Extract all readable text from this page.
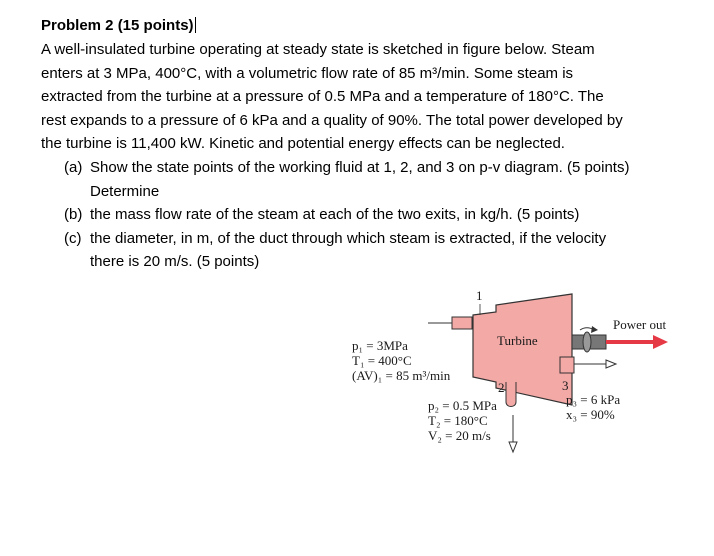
Problem 2 (15 points)

A well-insulated turbine operating at steady state is sketched in figure below. Steam

enters at 3 MPa, 400°C, with a volumetric flow rate of 85 m³/min. Some steam is

extracted from the turbine at a pressure of 0.5 MPa and a temperature of 180°C. The

rest expands to a pressure of 6 kPa and a quality of 90%. The total power developed by

the turbine is 11,400 kW. Kinetic and potential energy effects can be neglected.

(a) Show the state points of the working fluid at 1, 2, and 3 on p-v diagram. (5 points)

Determine

(b) the mass flow rate of the steam at each of the two exits, in kg/h. (5 points)
(c) the diameter, in m, of the duct through which steam is extracted, if the velocity

there is 20 m/s. (5 points)

1
Turbine
Power out
p₁ = 3MPa
T₁ = 400°C
(AV)₁ = 85 m³/min
2
p₂ = 0.5 MPa
T₂ = 180°C
V₂ = 20 m/s
3
p₃ = 6 kPa
x₃ = 90%
